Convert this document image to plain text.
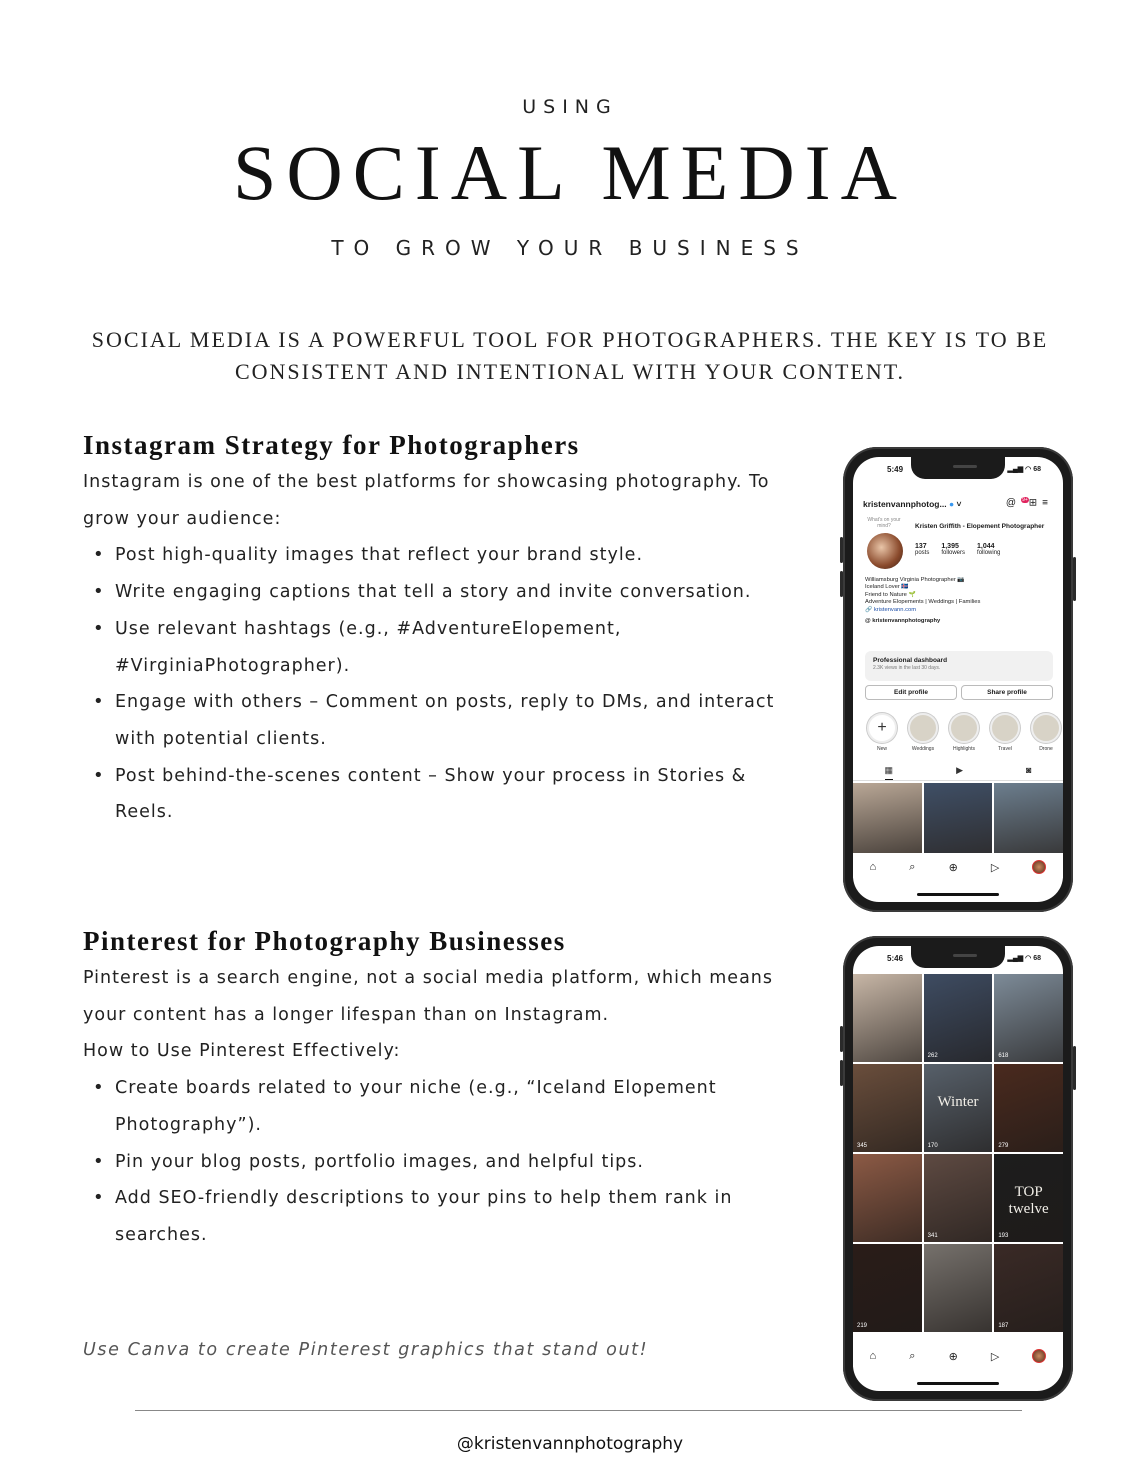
USING
SOCIAL MEDIA
TO GROW YOUR BUSINESS

SOCIAL MEDIA IS A POWERFUL TOOL FOR PHOTOGRAPHERS. THE KEY IS TO BE CONSISTENT AND INTENTIONAL WITH YOUR CONTENT.

Instagram Strategy for Photographers

Instagram is one of the best platforms for showcasing photography. To grow your audience:

• Post high-quality images that reflect your brand style.
• Write engaging captions that tell a story and invite conversation.
• Use relevant hashtags (e.g., #AdventureElopement, #VirginiaPhotographer).
• Engage with others – Comment on posts, reply to DMs, and interact with potential clients.
• Post behind-the-scenes content – Show your process in Stories & Reels.
Pinterest for Photography Businesses

Pinterest is a search engine, not a social media platform, which means your content has a longer lifespan than on Instagram.

How to Use Pinterest Effectively:

• Create boards related to your niche (e.g., “Iceland Elopement Photography”).
• Pin your blog posts, portfolio images, and helpful tips.
• Add SEO-friendly descriptions to your pins to help them rank in searches.
Use Canva to create Pinterest graphics that stand out!
@kristenvannphotography
5:49	▂▄▆ ◠ 68
kristenvannphotog... ● ˅	@$^{9+}$⊞≡
What's on your mind?	Kristen Griffith - Elopement Photographer
137
posts
1,395
followers
1,044
following
Williamsburg Virginia Photographer 📷
Iceland Lover 🇮🇸
Friend to Nature 🌱
Adventure Elopements | Weddings | Families
🔗 kristenvann.com
@ kristenvannphotography
Professional dashboard
2.3K views in the last 30 days.
Edit profile	Share profile
+
New	Weddings	Highlights	Travel	Drone
▦	▶	◙
⌂	⌕	⊕	▷
5:46	▂▄▆ ◠ 68
262	618
345
Winter
170	279
341
TOP twelve
193
219	187
⌂	⌕	⊕	▷
